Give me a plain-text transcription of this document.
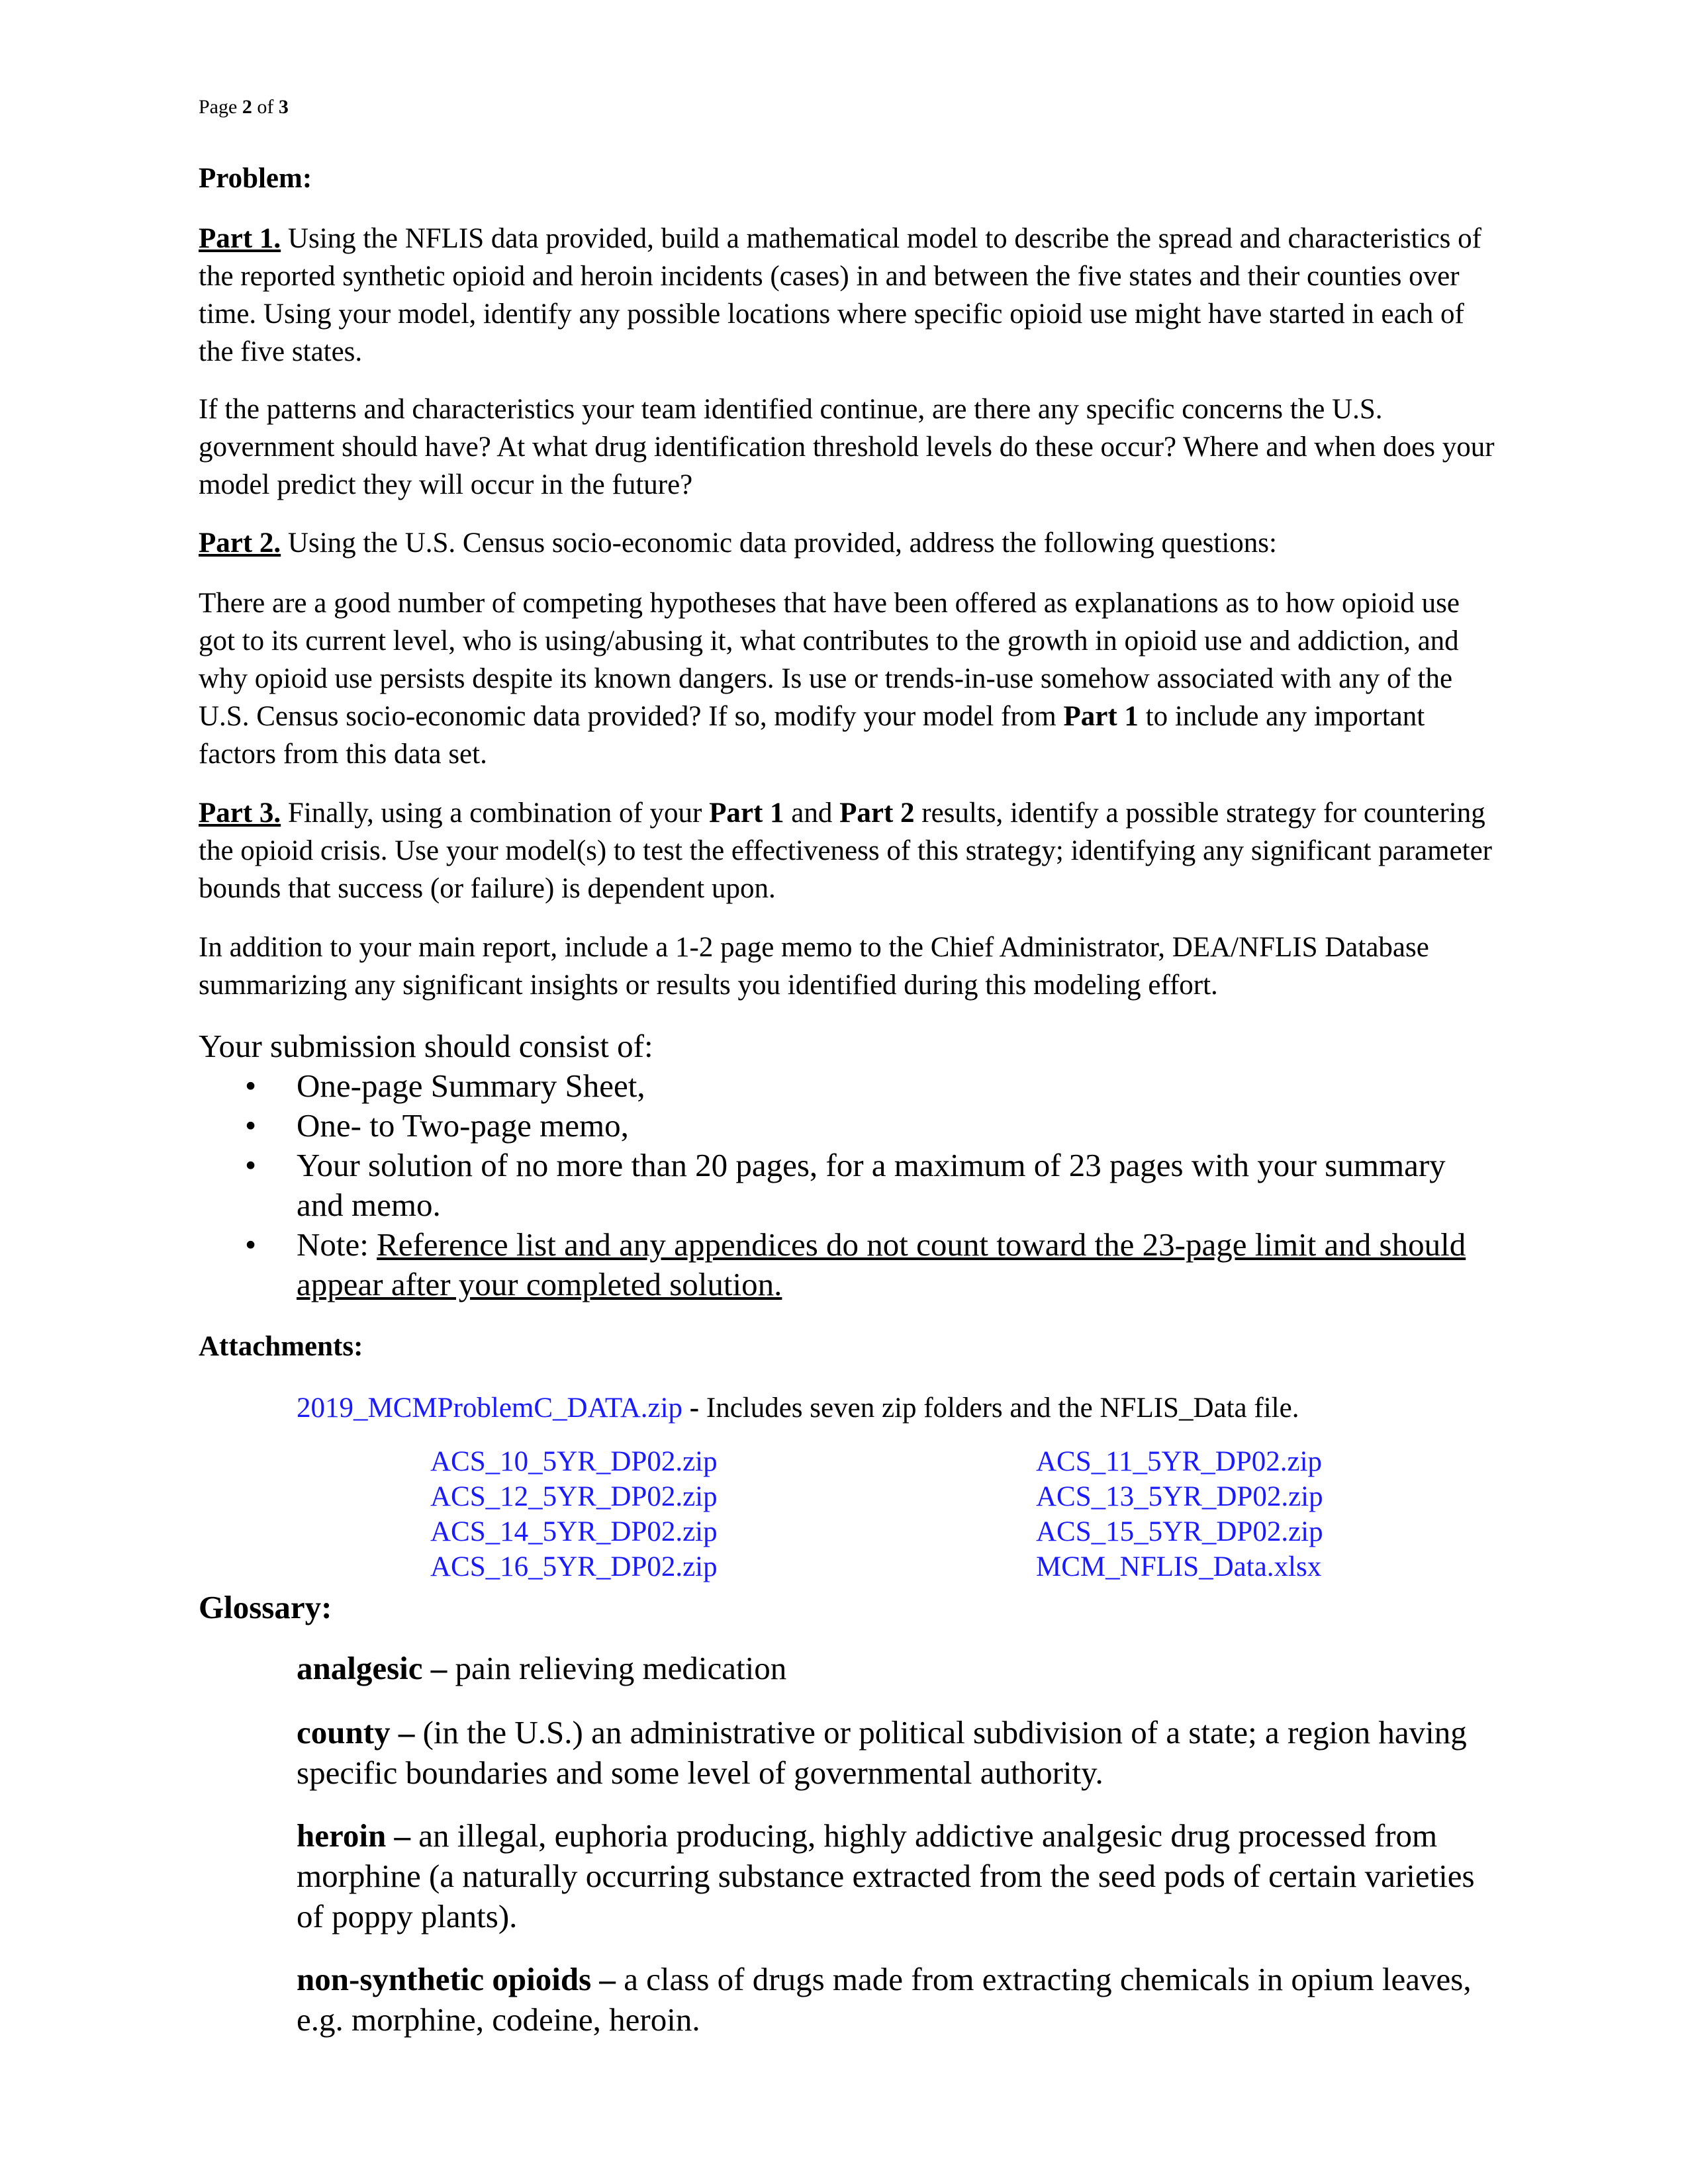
Page 2 of 3
Problem:
Part 1. Using the NFLIS data provided, build a mathematical model to describe the spread and characteristics of the reported synthetic opioid and heroin incidents (cases) in and between the five states and their counties over time. Using your model, identify any possible locations where specific opioid use might have started in each of the five states.
If the patterns and characteristics your team identified continue, are there any specific concerns the U.S. government should have? At what drug identification threshold levels do these occur? Where and when does your model predict they will occur in the future?
Part 2. Using the U.S. Census socio-economic data provided, address the following questions:
There are a good number of competing hypotheses that have been offered as explanations as to how opioid use got to its current level, who is using/abusing it, what contributes to the growth in opioid use and addiction, and why opioid use persists despite its known dangers. Is use or trends-in-use somehow associated with any of the U.S. Census socio-economic data provided? If so, modify your model from Part 1 to include any important factors from this data set.
Part 3. Finally, using a combination of your Part 1 and Part 2 results, identify a possible strategy for countering the opioid crisis. Use your model(s) to test the effectiveness of this strategy; identifying any significant parameter bounds that success (or failure) is dependent upon.
In addition to your main report, include a 1-2 page memo to the Chief Administrator, DEA/NFLIS Database summarizing any significant insights or results you identified during this modeling effort.
Your submission should consist of:
• One-page Summary Sheet,
• One- to Two-page memo,
• Your solution of no more than 20 pages, for a maximum of 23 pages with your summary and memo.
• Note: Reference list and any appendices do not count toward the 23-page limit and should appear after your completed solution.
Attachments:
2019_MCMProblemC_DATA.zip - Includes seven zip folders and the NFLIS_Data file.
ACS_10_5YR_DP02.zip
ACS_12_5YR_DP02.zip
ACS_14_5YR_DP02.zip
ACS_16_5YR_DP02.zip
ACS_11_5YR_DP02.zip
ACS_13_5YR_DP02.zip
ACS_15_5YR_DP02.zip
MCM_NFLIS_Data.xlsx
Glossary:
analgesic – pain relieving medication
county – (in the U.S.) an administrative or political subdivision of a state; a region having specific boundaries and some level of governmental authority.
heroin – an illegal, euphoria producing, highly addictive analgesic drug processed from morphine (a naturally occurring substance extracted from the seed pods of certain varieties of poppy plants).
non-synthetic opioids – a class of drugs made from extracting chemicals in opium leaves, e.g. morphine, codeine, heroin.
